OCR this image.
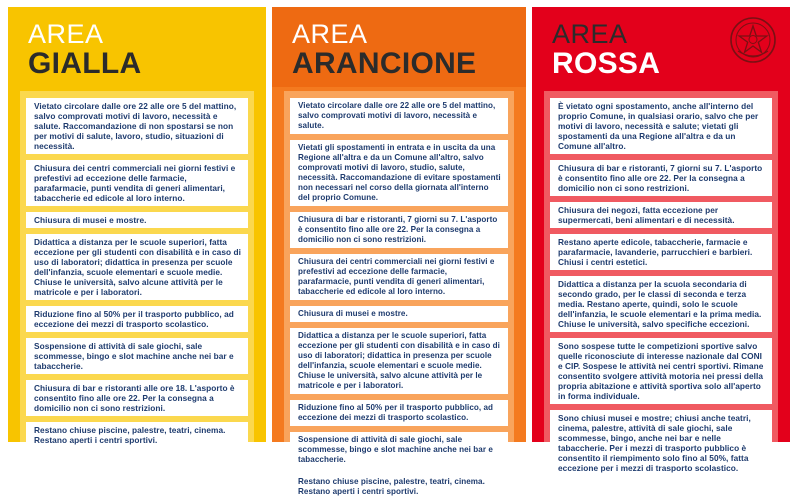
AREA
GIALLA
Vietato circolare dalle ore 22 alle ore 5 del mattino, salvo comprovati motivi di lavoro, necessità e salute. Raccomandazione di non spostarsi se non per motivi di salute, lavoro, studio, situazioni di necessità.
Chiusura dei centri commerciali nei giorni festivi e prefestivi ad eccezione delle farmacie, parafarmacie, punti vendita di generi alimentari, tabaccherie ed edicole al loro interno.
Chiusura di musei e mostre.
Didattica a distanza per le scuole superiori, fatta eccezione per gli studenti con disabilità e in caso di uso di laboratori; didattica in presenza per scuole dell'infanzia, scuole elementari e scuole medie. Chiuse le università, salvo alcune attività per le matricole e per i laboratori.
Riduzione fino al 50% per il trasporto pubblico, ad eccezione dei mezzi di trasporto scolastico.
Sospensione di attività di sale giochi, sale scommesse, bingo e slot machine anche nei bar e tabaccherie.
Chiusura di bar e ristoranti alle ore 18. L'asporto è consentito fino alle ore 22. Per la consegna a domicilio non ci sono restrizioni.
Restano chiuse piscine, palestre, teatri, cinema. Restano aperti i centri sportivi.
AREA
ARANCIONE
Vietato circolare dalle ore 22 alle ore 5 del mattino, salvo comprovati motivi di lavoro, necessità e salute.
Vietati gli spostamenti in entrata e in uscita da una Regione all'altra e da un Comune all'altro, salvo comprovati motivi di lavoro, studio, salute, necessità. Raccomandazione di evitare spostamenti non necessari nel corso della giornata all'interno del proprio Comune.
Chiusura di bar e ristoranti, 7 giorni su 7. L'asporto è consentito fino alle ore 22. Per la consegna a domicilio non ci sono restrizioni.
Chiusura dei centri commerciali nei giorni festivi e prefestivi ad eccezione delle farmacie, parafarmacie, punti vendita di generi alimentari, tabaccherie ed edicole al loro interno.
Chiusura di musei e mostre.
Didattica a distanza per le scuole superiori, fatta eccezione per gli studenti con disabilità e in caso di uso di laboratori; didattica in presenza per scuole dell'infanzia, scuole elementari e scuole medie. Chiuse le università, salvo alcune attività per le matricole e per i laboratori.
Riduzione fino al 50% per il trasporto pubblico, ad eccezione dei mezzi di trasporto scolastico.
Sospensione di attività di sale giochi, sale scommesse, bingo e slot machine anche nei bar e tabaccherie.
Restano chiuse piscine, palestre, teatri, cinema. Restano aperti i centri sportivi.
AREA
ROSSA
È vietato ogni spostamento, anche all'interno del proprio Comune, in qualsiasi orario, salvo che per motivi di lavoro, necessità e salute; vietati gli spostamenti da una Regione all'altra e da un Comune all'altro.
Chiusura di bar e ristoranti, 7 giorni su 7. L'asporto è consentito fino alle ore 22. Per la consegna a domicilio non ci sono restrizioni.
Chiusura dei negozi, fatta eccezione per supermercati, beni alimentari e di necessità.
Restano aperte edicole, tabaccherie, farmacie e parafarmacie, lavanderie, parrucchieri e barbieri. Chiusi i centri estetici.
Didattica a distanza per la scuola secondaria di secondo grado, per le classi di seconda e terza media. Restano aperte, quindi, solo le scuole dell'infanzia, le scuole elementari e la prima media. Chiuse le università, salvo specifiche eccezioni.
Sono sospese tutte le competizioni sportive salvo quelle riconosciute di interesse nazionale dal CONI e CIP. Sospese le attività nei centri sportivi. Rimane consentito svolgere attività motoria nei pressi della propria abitazione e attività sportiva solo all'aperto in forma individuale.
Sono chiusi musei e mostre; chiusi anche teatri, cinema, palestre, attività di sale giochi, sale scommesse, bingo, anche nei bar e nelle tabaccherie. Per i mezzi di trasporto pubblico è consentito il riempimento solo fino al 50%, fatta eccezione per i mezzi di trasporto scolastico.
